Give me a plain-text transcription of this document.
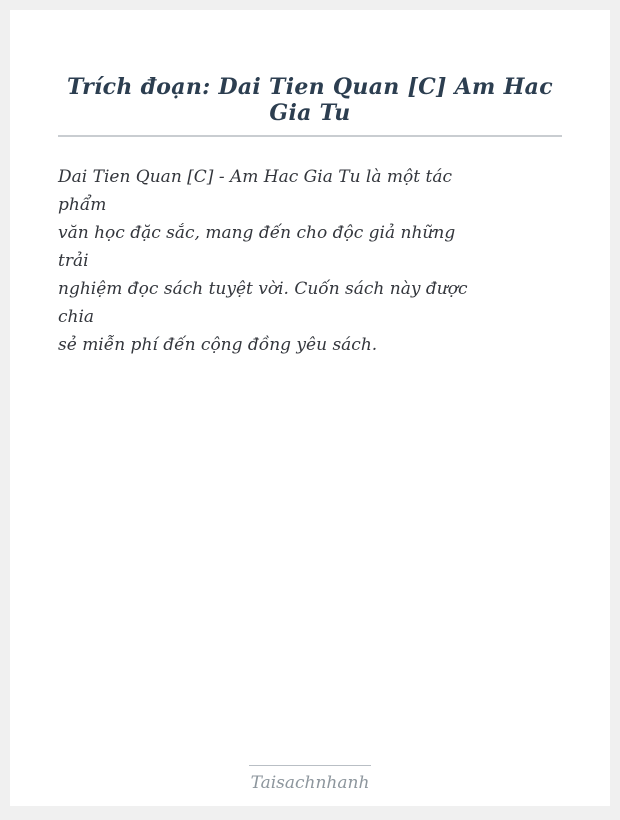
Trích đoạn: Dai Tien Quan [C] Am Hac Gia Tu
Dai Tien Quan [C] - Am Hac Gia Tu là một tác
phẩm
văn học đặc sắc, mang đến cho độc giả những
trải
nghiệm đọc sách tuyệt vời. Cuốn sách này được
chia
sẻ miễn phí đến cộng đồng yêu sách.
Taisachnhanh
